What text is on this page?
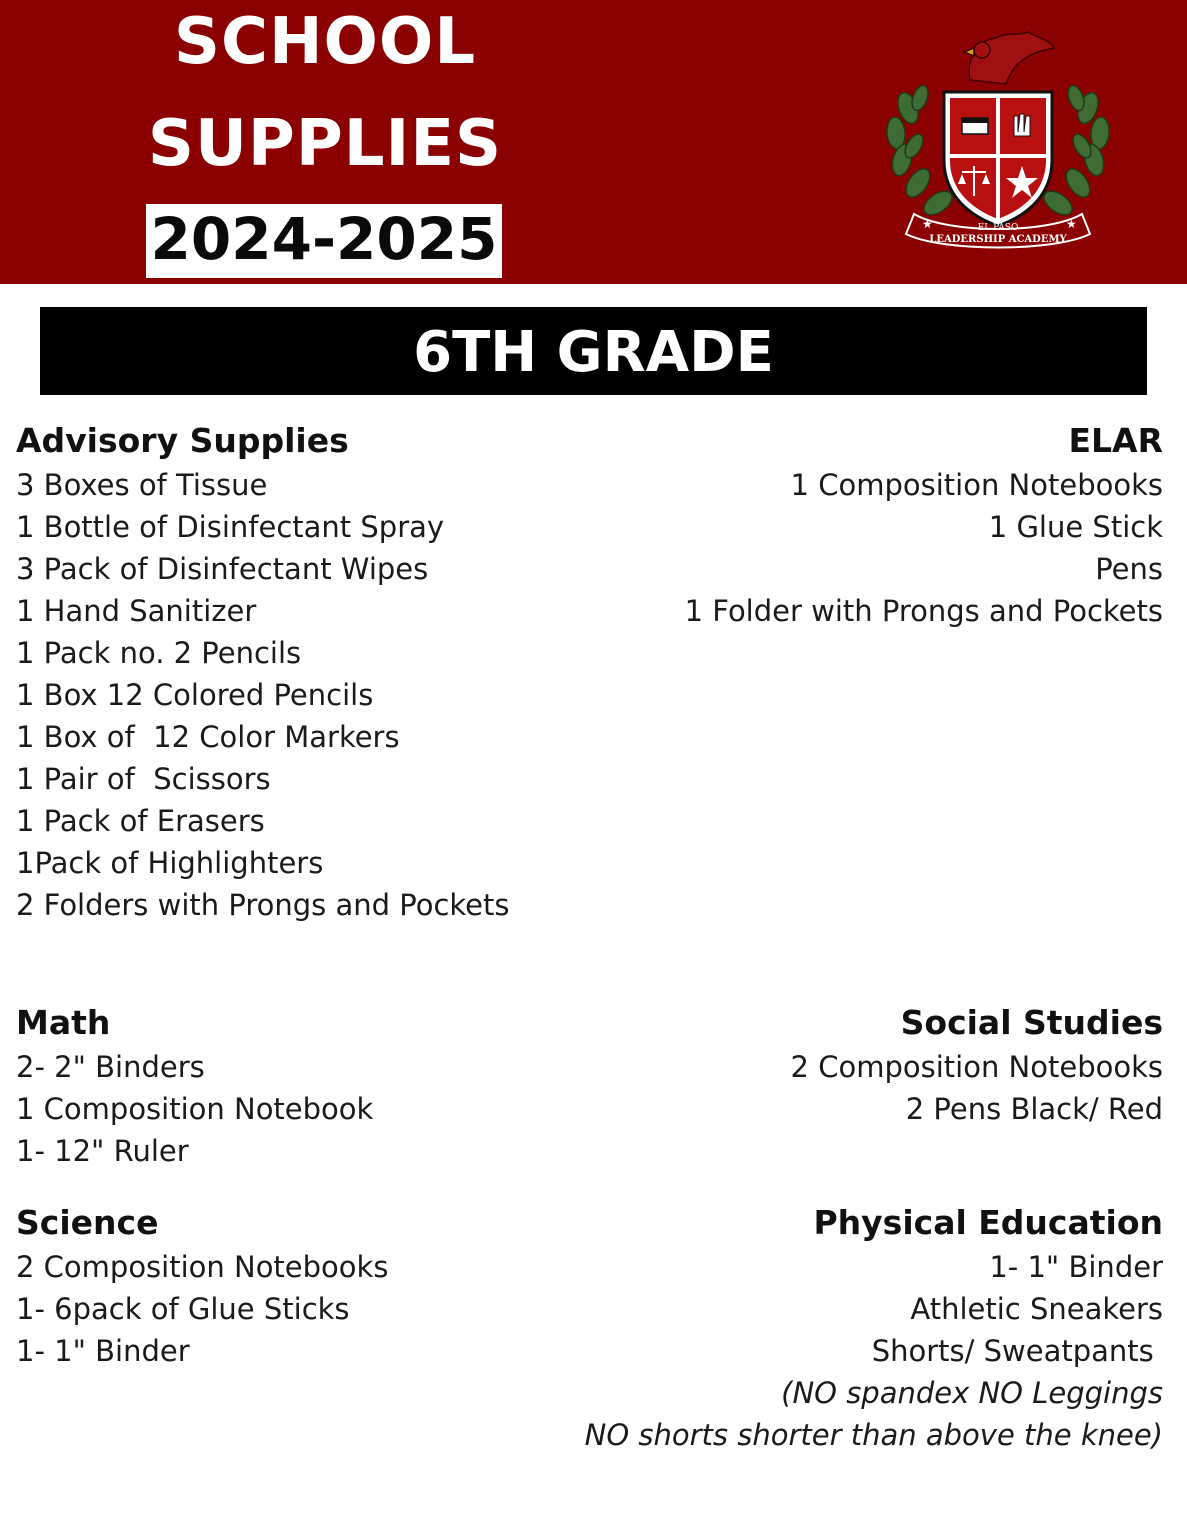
SCHOOL
SUPPLIES
2024-2025	EL PASO
LEADERSHIP ACADEMY
★	★
6TH GRADE
Advisory Supplies
3 Boxes of Tissue
1 Bottle of Disinfectant Spray
3 Pack of Disinfectant Wipes
1 Hand Sanitizer
1 Pack no. 2 Pencils
1 Box 12 Colored Pencils
1 Box of  12 Color Markers
1 Pair of  Scissors
1 Pack of Erasers
1Pack of Highlighters
2 Folders with Prongs and Pockets
ELAR
1 Composition Notebooks
1 Glue Stick
Pens
1 Folder with Prongs and Pockets
Math
2- 2" Binders
1 Composition Notebook
1- 12" Ruler
Social Studies
2 Composition Notebooks
2 Pens Black/ Red
Science
2 Composition Notebooks
1- 6pack of Glue Sticks
1- 1" Binder
Physical Education
1- 1" Binder
Athletic Sneakers
Shorts/ Sweatpants
(NO spandex NO Leggings
NO shorts shorter than above the knee)
